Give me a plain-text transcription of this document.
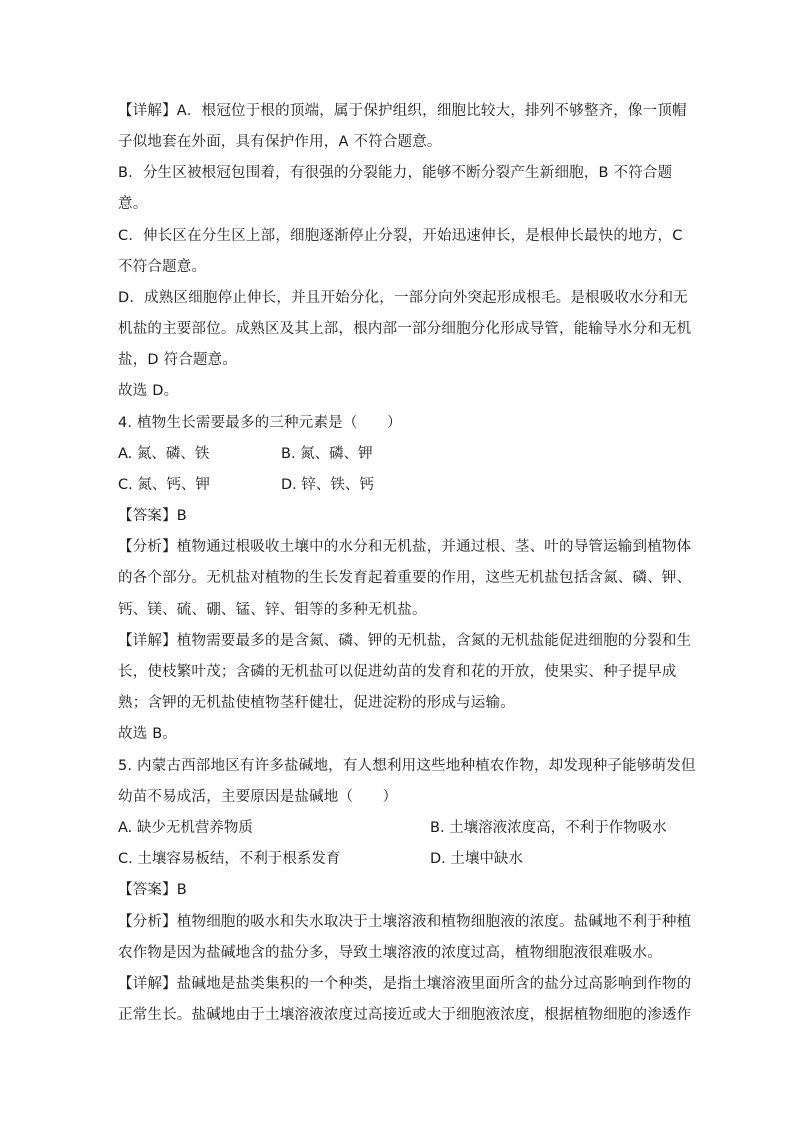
【详解】A．根冠位于根的顶端，属于保护组织，细胞比较大，排列不够整齐，像一顶帽
子似地套在外面，具有保护作用，A 不符合题意。
B．分生区被根冠包围着，有很强的分裂能力，能够不断分裂产生新细胞，B 不符合题
意。
C．伸长区在分生区上部，细胞逐渐停止分裂，开始迅速伸长，是根伸长最快的地方，C
不符合题意。
D．成熟区细胞停止伸长，并且开始分化，一部分向外突起形成根毛。是根吸收水分和无
机盐的主要部位。成熟区及其上部，根内部一部分细胞分化形成导管，能输导水分和无机
盐，D 符合题意。
故选 D。
4. 植物生长需要最多的三种元素是（　　）
A. 氮、磷、铁	B. 氮、磷、钾
C. 氮、钙、钾	D. 锌、铁、钙
【答案】B
【分析】植物通过根吸收土壤中的水分和无机盐，并通过根、茎、叶的导管运输到植物体
的各个部分。无机盐对植物的生长发育起着重要的作用，这些无机盐包括含氮、磷、钾、
钙、镁、硫、硼、锰、锌、钼等的多种无机盐。
【详解】植物需要最多的是含氮、磷、钾的无机盐，含氮的无机盐能促进细胞的分裂和生
长，使枝繁叶茂；含磷的无机盐可以促进幼苗的发育和花的开放，使果实、种子提早成
熟；含钾的无机盐使植物茎秆健壮，促进淀粉的形成与运输。
故选 B。
5. 内蒙古西部地区有许多盐碱地，有人想利用这些地种植农作物，却发现种子能够萌发但
幼苗不易成活，主要原因是盐碱地（　　）
A. 缺少无机营养物质	B. 土壤溶液浓度高，不利于作物吸水
C. 土壤容易板结，不利于根系发育	D. 土壤中缺水
【答案】B
【分析】植物细胞的吸水和失水取决于土壤溶液和植物细胞液的浓度。盐碱地不利于种植
农作物是因为盐碱地含的盐分多，导致土壤溶液的浓度过高，植物细胞液很难吸水。
【详解】盐碱地是盐类集积的一个种类，是指土壤溶液里面所含的盐分过高影响到作物的
正常生长。盐碱地由于土壤溶液浓度过高接近或大于细胞液浓度，根据植物细胞的渗透作
